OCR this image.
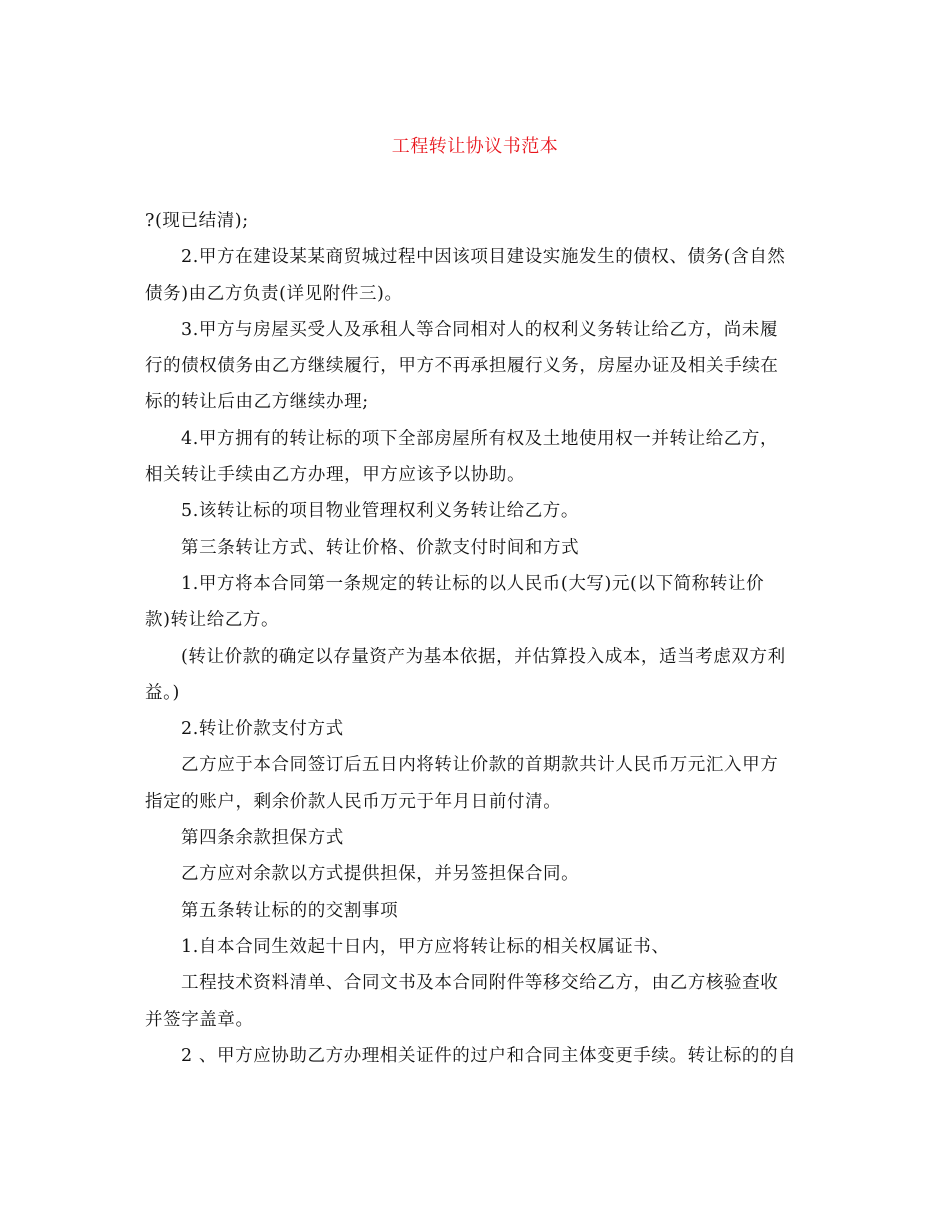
工程转让协议书范本

?(现已结清);

2.甲方在建设某某商贸城过程中因该项目建设实施发生的债权、债务(含自然

债务)由乙方负责(详见附件三)。

3.甲方与房屋买受人及承租人等合同相对人的权利义务转让给乙方，尚未履

行的债权债务由乙方继续履行，甲方不再承担履行义务，房屋办证及相关手续在

标的转让后由乙方继续办理;

4.甲方拥有的转让标的项下全部房屋所有权及土地使用权一并转让给乙方，

相关转让手续由乙方办理，甲方应该予以协助。

5.该转让标的项目物业管理权利义务转让给乙方。

第三条转让方式、转让价格、价款支付时间和方式

1.甲方将本合同第一条规定的转让标的以人民币(大写)元(以下简称转让价

款)转让给乙方。

(转让价款的确定以存量资产为基本依据，并估算投入成本，适当考虑双方利

益。)

2.转让价款支付方式

乙方应于本合同签订后五日内将转让价款的首期款共计人民币万元汇入甲方

指定的账户，剩余价款人民币万元于年月日前付清。

第四条余款担保方式

乙方应对余款以方式提供担保，并另签担保合同。

第五条转让标的的交割事项

1.自本合同生效起十日内，甲方应将转让标的相关权属证书、

工程技术资料清单、合同文书及本合同附件等移交给乙方，由乙方核验查收

并签字盖章。

2 、甲方应协助乙方办理相关证件的过户和合同主体变更手续。转让标的的自
